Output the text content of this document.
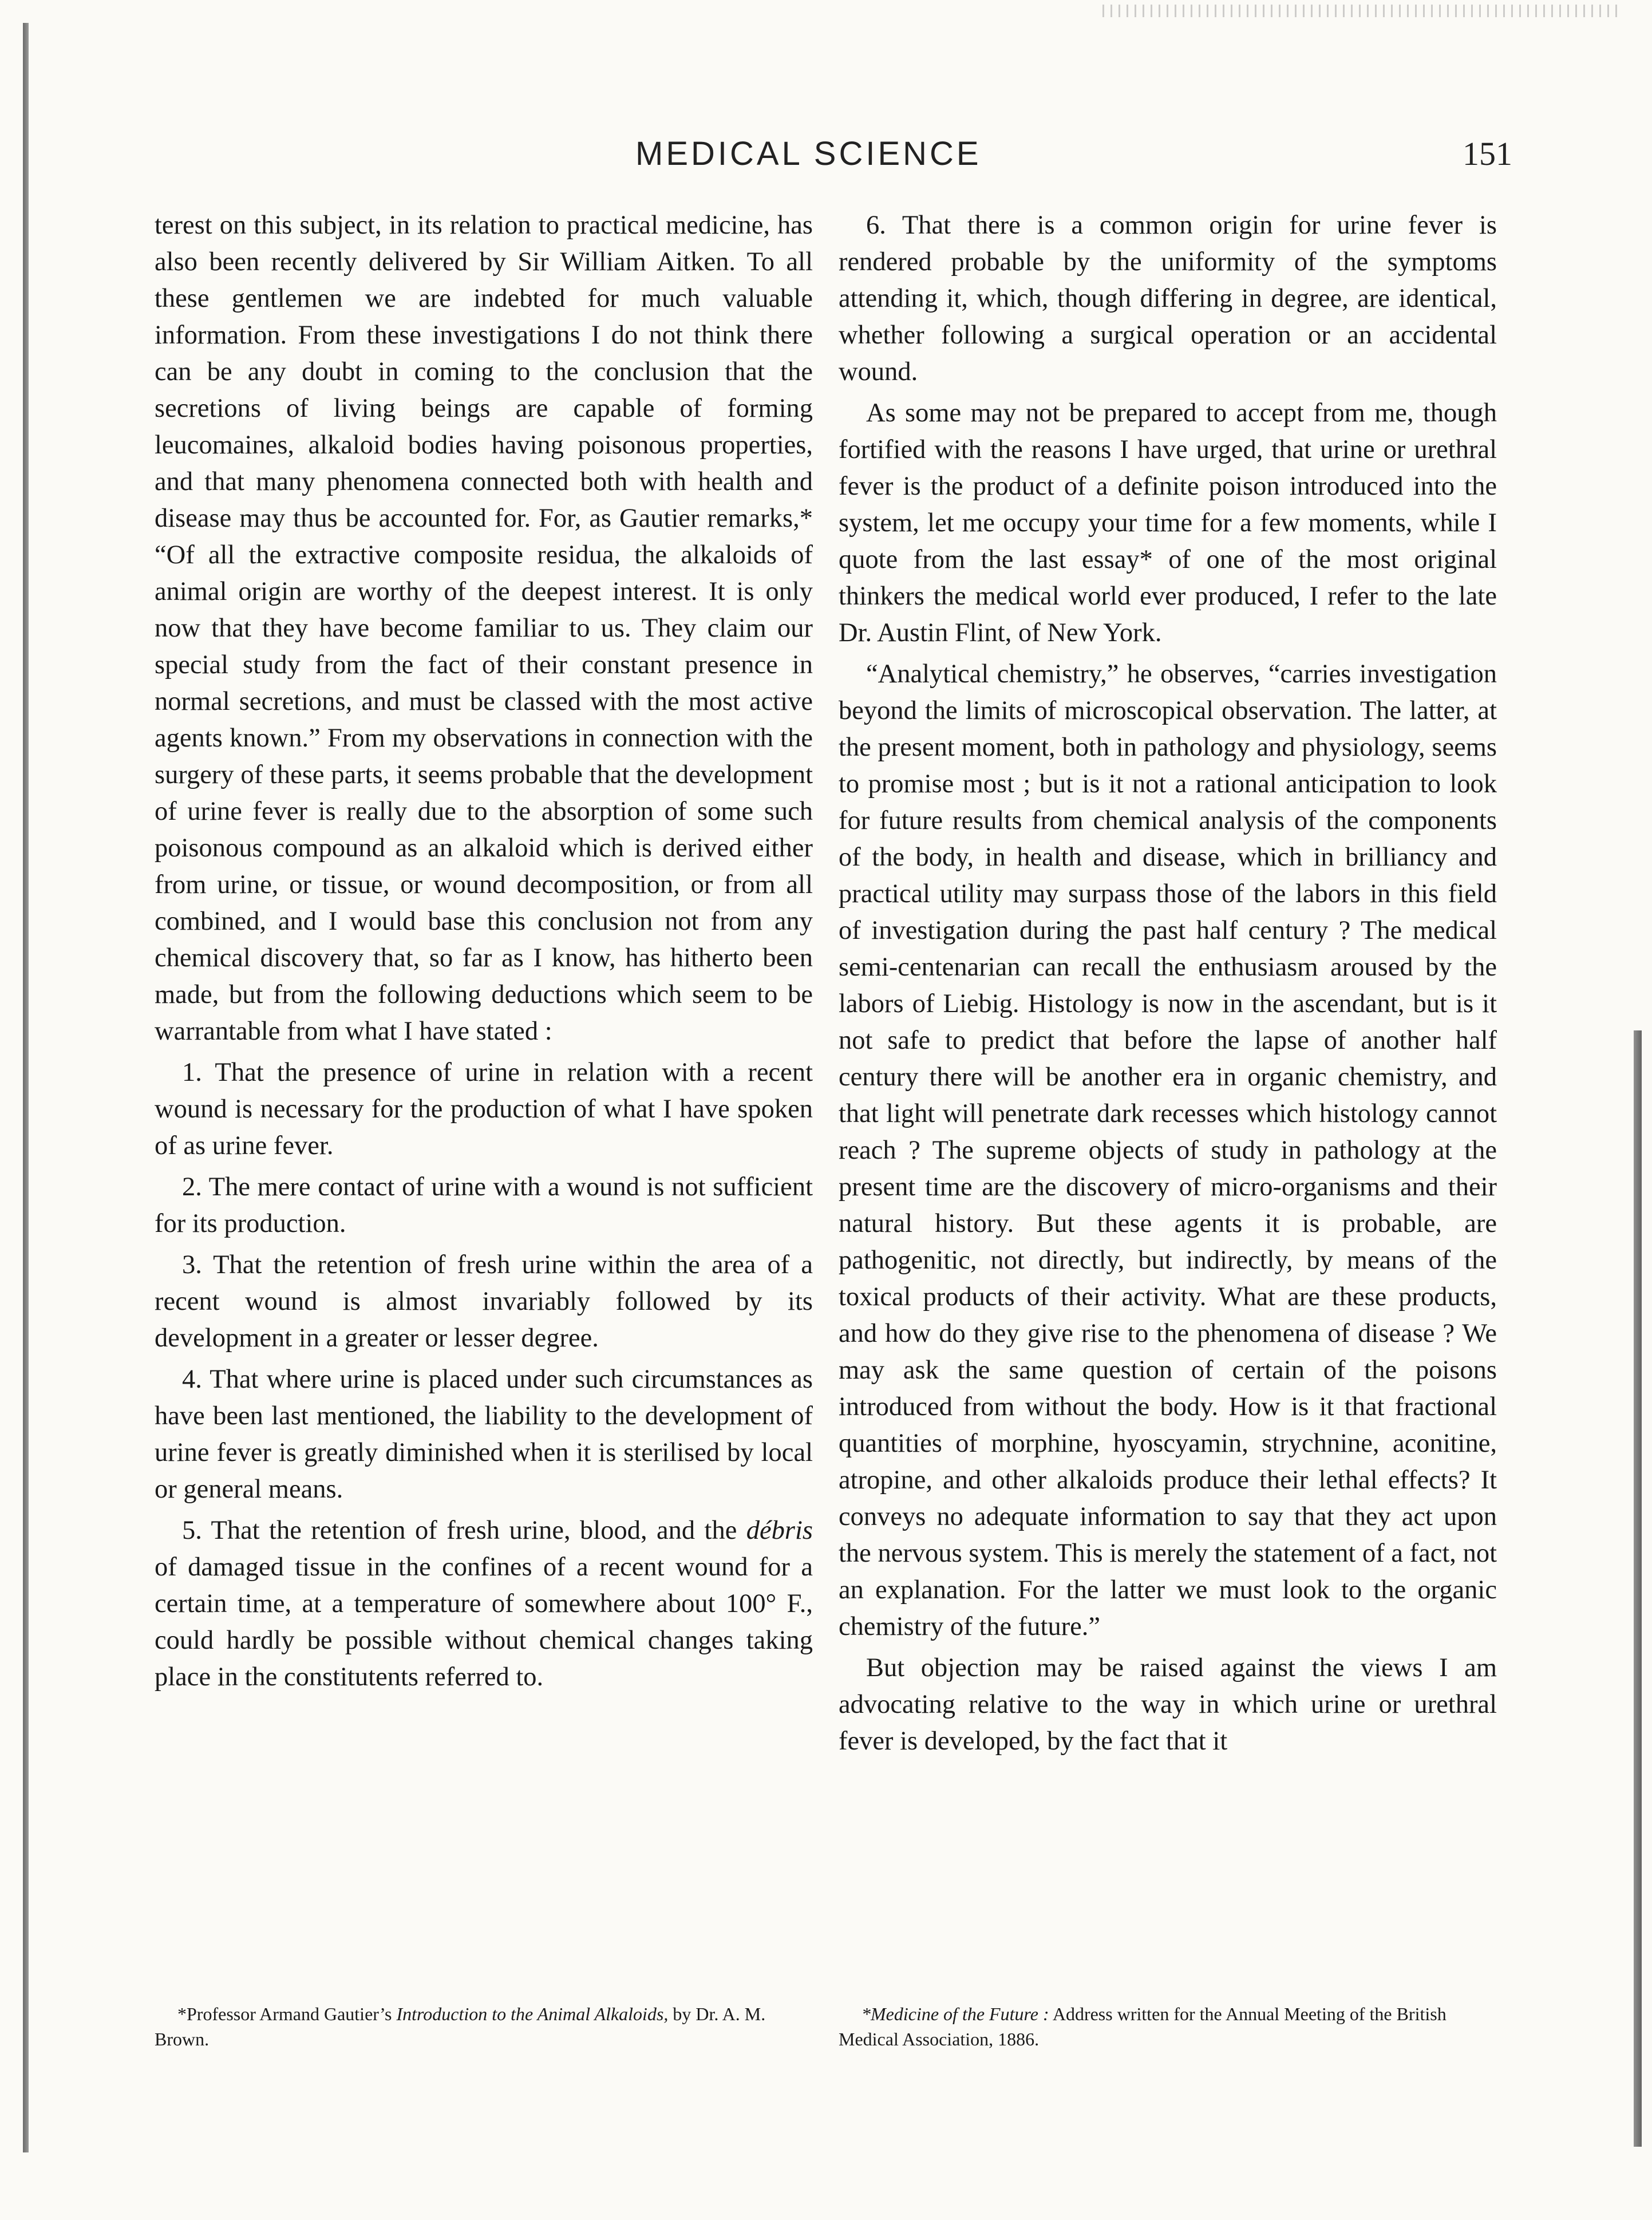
MEDICAL SCIENCE	151

terest on this subject, in its relation to practical medicine, has also been recently delivered by Sir William Aitken. To all these gentlemen we are indebted for much valuable information. From these investigations I do not think there can be any doubt in coming to the conclusion that the secretions of living beings are capable of forming leucomaines, alkaloid bodies having poisonous properties, and that many phenomena connected both with health and disease may thus be accounted for. For, as Gautier remarks,* “Of all the extractive composite residua, the alkaloids of animal origin are worthy of the deepest interest. It is only now that they have become familiar to us. They claim our special study from the fact of their constant presence in normal secretions, and must be classed with the most active agents known.” From my observations in connection with the surgery of these parts, it seems probable that the development of urine fever is really due to the absorption of some such poisonous compound as an alkaloid which is derived either from urine, or tissue, or wound decomposition, or from all combined, and I would base this conclusion not from any chemical discovery that, so far as I know, has hitherto been made, but from the following deductions which seem to be warrantable from what I have stated :

1. That the presence of urine in relation with a recent wound is necessary for the production of what I have spoken of as urine fever.

2. The mere contact of urine with a wound is not sufficient for its production.

3. That the retention of fresh urine within the area of a recent wound is almost invariably followed by its development in a greater or lesser degree.

4. That where urine is placed under such circumstances as have been last mentioned, the liability to the development of urine fever is greatly diminished when it is sterilised by local or general means.

5. That the retention of fresh urine, blood, and the débris of damaged tissue in the confines of a recent wound for a certain time, at a temperature of somewhere about 100° F., could hardly be possible without chemical changes taking place in the constitutents referred to.

6. That there is a common origin for urine fever is rendered probable by the uniformity of the symptoms attending it, which, though differing in degree, are identical, whether following a surgical operation or an accidental wound.

As some may not be prepared to accept from me, though fortified with the reasons I have urged, that urine or urethral fever is the product of a definite poison introduced into the system, let me occupy your time for a few moments, while I quote from the last essay* of one of the most original thinkers the medical world ever produced, I refer to the late Dr. Austin Flint, of New York.

“Analytical chemistry,” he observes, “carries investigation beyond the limits of microscopical observation. The latter, at the present moment, both in pathology and physiology, seems to promise most ; but is it not a rational anticipation to look for future results from chemical analysis of the components of the body, in health and disease, which in brilliancy and practical utility may surpass those of the labors in this field of investigation during the past half century ? The medical semi-centenarian can recall the enthusiasm aroused by the labors of Liebig. Histology is now in the ascendant, but is it not safe to predict that before the lapse of another half century there will be another era in organic chemistry, and that light will penetrate dark recesses which histology cannot reach ? The supreme objects of study in pathology at the present time are the discovery of micro-organisms and their natural history. But these agents it is probable, are pathogenitic, not directly, but indirectly, by means of the toxical products of their activity. What are these products, and how do they give rise to the phenomena of disease ? We may ask the same question of certain of the poisons introduced from without the body. How is it that fractional quantities of morphine, hyoscyamin, strychnine, aconitine, atropine, and other alkaloids produce their lethal effects? It conveys no adequate information to say that they act upon the nervous system. This is merely the statement of a fact, not an explanation. For the latter we must look to the organic chemistry of the future.”

But objection may be raised against the views I am advocating relative to the way in which urine or urethral fever is developed, by the fact that it

*Professor Armand Gautier’s Introduction to the Animal Alkaloids, by Dr. A. M. Brown.

*Medicine of the Future : Address written for the Annual Meeting of the British Medical Association, 1886.
